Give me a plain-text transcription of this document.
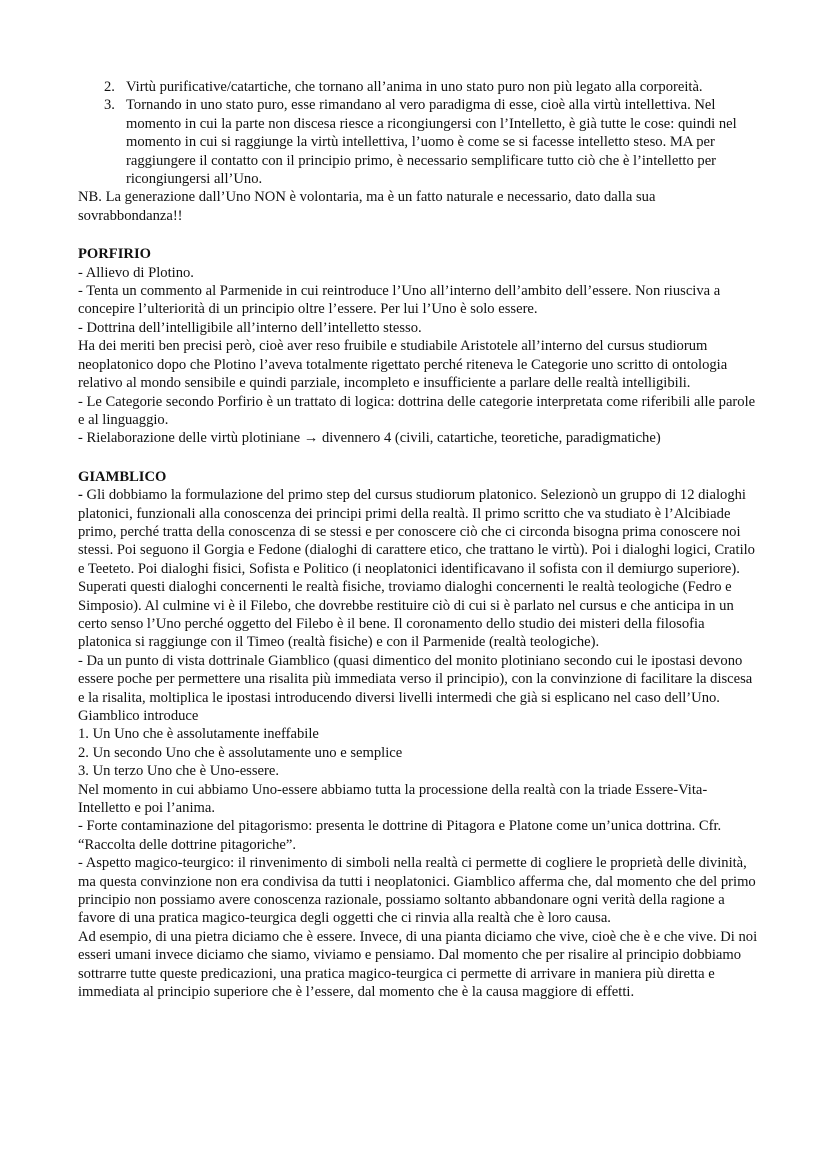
2. Virtù purificative/catartiche, che tornano all’anima in uno stato puro non più legato alla corporeità.
3. Tornando in uno stato puro, esse rimandano al vero paradigma di esse, cioè alla virtù intellettiva. Nel momento in cui la parte non discesa riesce a ricongiungersi con l’Intelletto, è già tutte le cose: quindi nel momento in cui si raggiunge la virtù intellettiva, l’uomo è come se si facesse intelletto steso. MA per raggiungere il contatto con il principio primo, è necessario semplificare tutto ciò che è l’intelletto per ricongiungersi all’Uno.

NB. La generazione dall’Uno NON è volontaria, ma è un fatto naturale e necessario, dato dalla sua sovrabbondanza!!

PORFIRIO

- Allievo di Plotino.

- Tenta un commento al Parmenide in cui reintroduce l’Uno all’interno dell’ambito dell’essere. Non riusciva a concepire l’ulteriorità di un principio oltre l’essere. Per lui l’Uno è solo essere.

- Dottrina dell’intelligibile all’interno dell’intelletto stesso.

Ha dei meriti ben precisi però, cioè aver reso fruibile e studiabile Aristotele all’interno del cursus studiorum neoplatonico dopo che Plotino l’aveva totalmente rigettato perché riteneva le Categorie uno scritto di ontologia relativo al mondo sensibile e quindi parziale, incompleto e insufficiente a parlare delle realtà intelligibili.

- Le Categorie secondo Porfirio è un trattato di logica: dottrina delle categorie interpretata come riferibili alle parole e al linguaggio.

- Rielaborazione delle virtù plotiniane → divennero 4 (civili, catartiche, teoretiche, paradigmatiche)

GIAMBLICO

- Gli dobbiamo la formulazione del primo step del cursus studiorum platonico. Selezionò un gruppo di 12 dialoghi platonici, funzionali alla conoscenza dei principi primi della realtà. Il primo scritto che va studiato è l’Alcibiade primo, perché tratta della conoscenza di se stessi e per conoscere ciò che ci circonda bisogna prima conoscere noi stessi. Poi seguono il Gorgia e Fedone (dialoghi di carattere etico, che trattano le virtù). Poi i dialoghi logici, Cratilo e Teeteto. Poi dialoghi fisici, Sofista e Politico (i neoplatonici identificavano il sofista con il demiurgo superiore). Superati questi dialoghi concernenti le realtà fisiche, troviamo dialoghi concernenti le realtà teologiche (Fedro e Simposio). Al culmine vi è il Filebo, che dovrebbe restituire ciò di cui si è parlato nel cursus e che anticipa in un certo senso l’Uno perché oggetto del Filebo è il bene. Il coronamento dello studio dei misteri della filosofia platonica si raggiunge con il Timeo (realtà fisiche) e con il Parmenide (realtà teologiche).

- Da un punto di vista dottrinale Giamblico (quasi dimentico del monito plotiniano secondo cui le ipostasi devono essere poche per permettere una risalita più immediata verso il principio), con la convinzione di facilitare la discesa e la risalita, moltiplica le ipostasi introducendo diversi livelli intermedi che già si esplicano nel caso dell’Uno. Giamblico introduce

1. Un Uno che è assolutamente ineffabile

2. Un secondo Uno che è assolutamente uno e semplice

3. Un terzo Uno che è Uno-essere.

Nel momento in cui abbiamo Uno-essere abbiamo tutta la processione della realtà con la triade Essere-Vita-Intelletto e poi l’anima.

- Forte contaminazione del pitagorismo: presenta le dottrine di Pitagora e Platone come un’unica dottrina. Cfr. “Raccolta delle dottrine pitagoriche”.

- Aspetto magico-teurgico: il rinvenimento di simboli nella realtà ci permette di cogliere le proprietà delle divinità, ma questa convinzione non era condivisa da tutti i neoplatonici. Giamblico afferma che, dal momento che del primo principio non possiamo avere conoscenza razionale, possiamo soltanto abbandonare ogni verità della ragione a favore di una pratica magico-teurgica degli oggetti che ci rinvia alla realtà che è loro causa.

Ad esempio, di una pietra diciamo che è essere. Invece, di una pianta diciamo che vive, cioè che è e che vive. Di noi esseri umani invece diciamo che siamo, viviamo e pensiamo. Dal momento che per risalire al principio dobbiamo sottrarre tutte queste predicazioni, una pratica magico-teurgica ci permette di arrivare in maniera più diretta e immediata al principio superiore che è l’essere, dal momento che è la causa maggiore di effetti.
